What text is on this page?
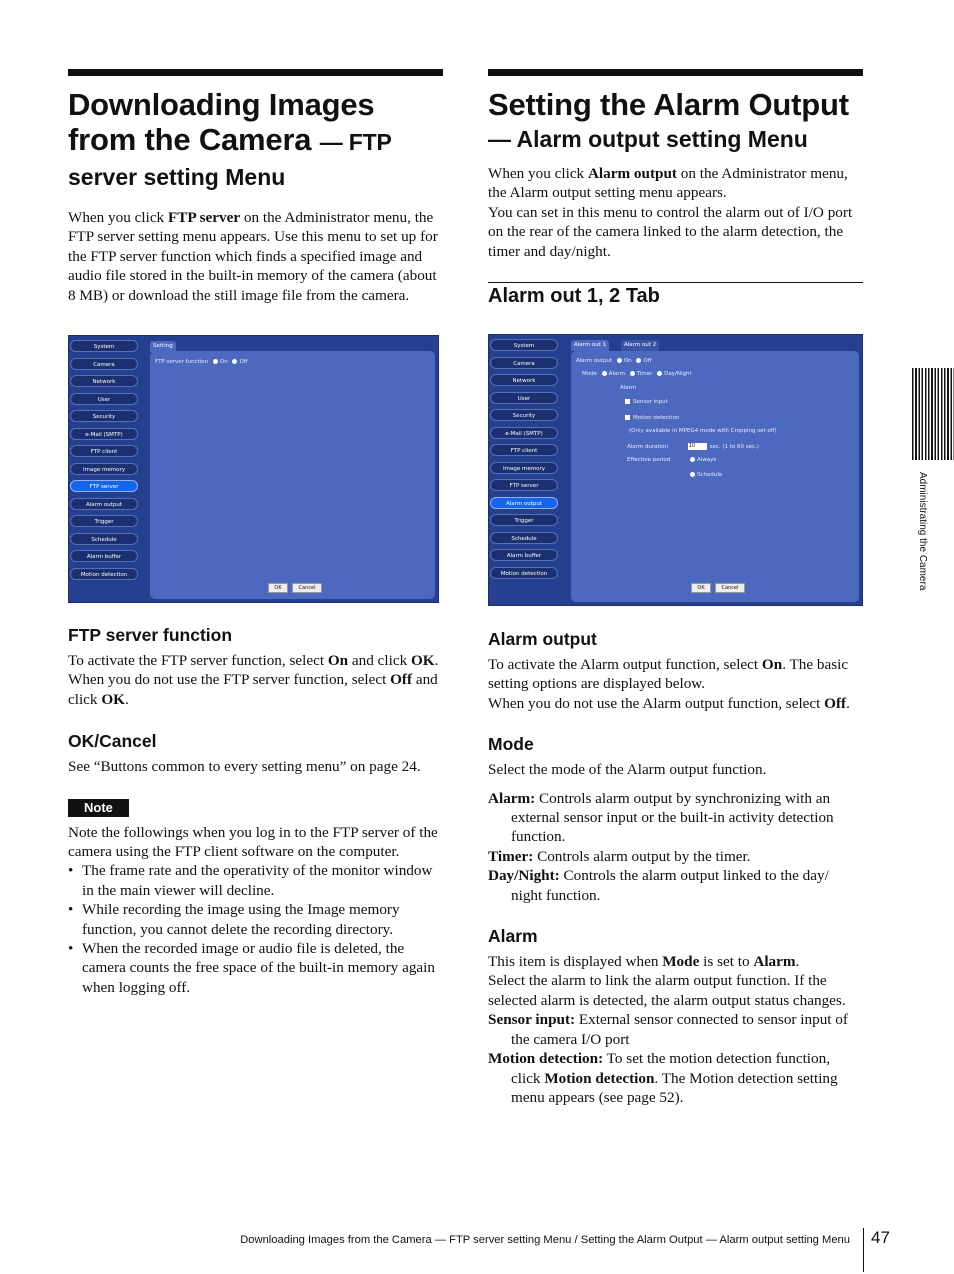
Downloading Images
from the Camera — FTP
server setting Menu

When you click FTP server on the Administrator menu, the FTP server setting menu appears. Use this menu to set up for the FTP server function which finds a specified image and audio file stored in the built-in memory of the camera (about 8 MB) or download the still image file from the camera.

System
Camera
Network
User
Security
e-Mail (SMTP)
FTP client
Image memory
FTP server
Alarm output
Trigger
Schedule
Alarm buffer
Motion detection
Setting
FTP server function On Off
OK	Cancel
FTP server function

To activate the FTP server function, select On and click OK.

When you do not use the FTP server function, select Off and click OK.

OK/Cancel

See “Buttons common to every setting menu” on page 24.

Note

Note the followings when you log in to the FTP server of the camera using the FTP client software on the computer.

• The frame rate and the operativity of the monitor window in the main viewer will decline.
• While recording the image using the Image memory function, you cannot delete the recording directory.
• When the recorded image or audio file is deleted, the camera counts the free space of the built-in memory again when logging off.
Setting the Alarm Output
— Alarm output setting Menu

When you click Alarm output on the Administrator menu, the Alarm output setting menu appears.

You can set in this menu to control the alarm out of I/O port on the rear of the camera linked to the alarm detection, the timer and day/night.

Alarm out 1, 2 Tab
System
Camera
Network
User
Security
e-Mail (SMTP)
FTP client
Image memory
FTP server
Alarm output
Trigger
Schedule
Alarm buffer
Motion detection
Alarm out 1	Alarm out 2
Alarm output On Off
Mode Alarm Timer Day/Night
Alarm
Sensor input
Motion detection
(Only available in MPEG4 mode with Cropping set off)
Alarm duration	10	sec. (1 to 60 sec.)
Effective period	Always
Schedule
OK	Cancel
Alarm output

To activate the Alarm output function, select On. The basic setting options are displayed below.

When you do not use the Alarm output function, select Off.

Mode

Select the mode of the Alarm output function.

Alarm: Controls alarm output by synchronizing with an external sensor input or the built-in activity detection function.

Timer: Controls alarm output by the timer.

Day/Night: Controls the alarm output linked to the day/ night function.

Alarm

This item is displayed when Mode is set to Alarm.

Select the alarm to link the alarm output function. If the selected alarm is detected, the alarm output status changes.

Sensor input: External sensor connected to sensor input of the camera I/O port

Motion detection: To set the motion detection function, click Motion detection. The Motion detection setting menu appears (see page 52).

Administrating the Camera
Downloading Images from the Camera — FTP server setting Menu / Setting the Alarm Output — Alarm output setting Menu 47
